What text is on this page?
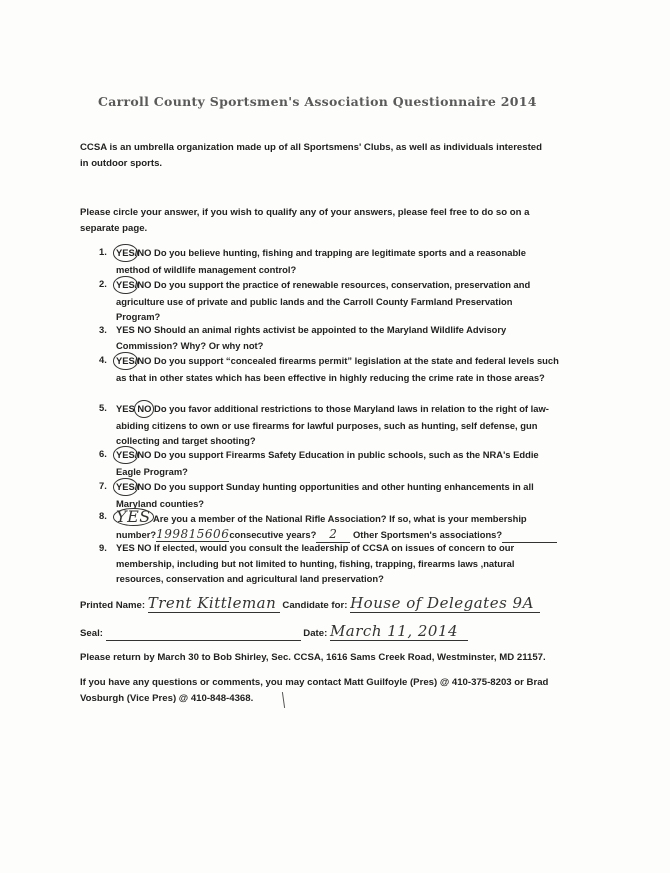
Carroll County Sportsmen's Association Questionnaire 2014
CCSA is an umbrella organization made up of all Sportsmens' Clubs, as well as individuals interested in outdoor sports.
Please circle your answer, if you wish to qualify any of your answers, please feel free to do so on a separate page.
1. YES/NO Do you believe hunting, fishing and trapping are legitimate sports and a reasonable method of wildlife management control?
2. YES/NO Do you support the practice of renewable resources, conservation, preservation and agriculture use of private and public lands and the Carroll County Farmland Preservation Program?
3. YES NO Should an animal rights activist be appointed to the Maryland Wildlife Advisory Commission? Why? Or why not?
4. YES/NO Do you support “concealed firearms permit” legislation at the state and federal levels such as that in other states which has been effective in highly reducing the crime rate in those areas?
5. YES NO Do you favor additional restrictions to those Maryland laws in relation to the right of law-abiding citizens to own or use firearms for lawful purposes, such as hunting, self defense, gun collecting and target shooting?
6. YES/NO Do you support Firearms Safety Education in public schools, such as the NRA's Eddie Eagle Program?
7. YES/NO Do you support Sunday hunting opportunities and other hunting enhancements in all Maryland counties?
8. YES Are you a member of the National Rifle Association? If so, what is your membership
number?199815606consecutive years? 2 Other Sportsmen's associations?
9. YES NO If elected, would you consult the leadership of CCSA on issues of concern to our membership, including but not limited to hunting, fishing, trapping, firearms laws ,natural resources, conservation and agricultural land preservation?
Printed Name: Trent Kittleman Candidate for: House of Delegates 9A
Seal:	Date: March 11, 2014
Please return by March 30 to Bob Shirley, Sec. CCSA, 1616 Sams Creek Road, Westminster, MD 21157.
If you have any questions or comments, you may contact Matt Guilfoyle (Pres) @ 410-375-8203 or Brad Vosburgh (Vice Pres) @ 410-848-4368.
